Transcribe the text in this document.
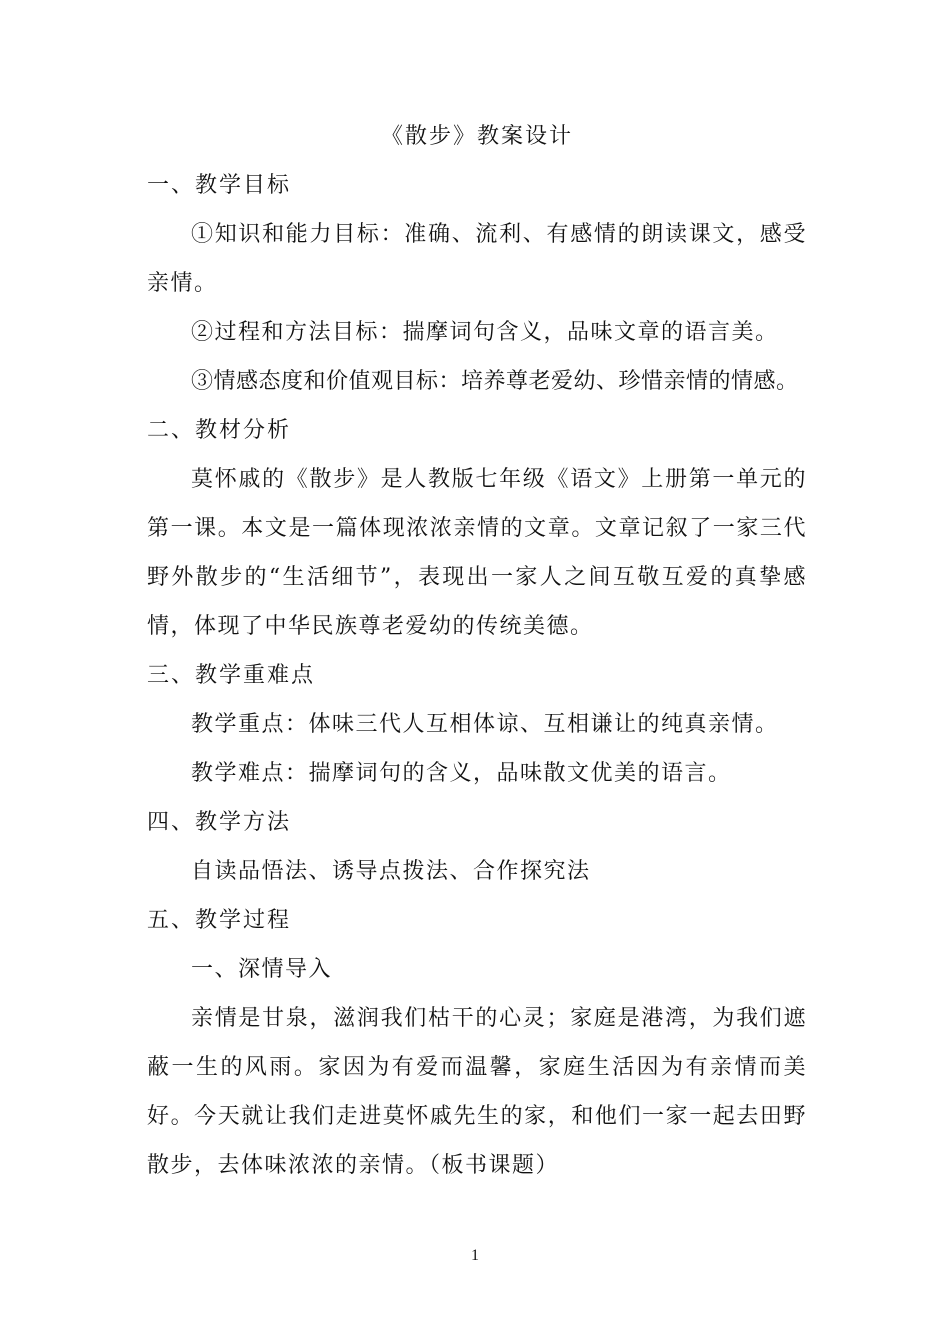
《散步》教案设计

一、教学目标

①知识和能力目标：准确、流利、有感情的朗读课文，感受亲情。

②过程和方法目标：揣摩词句含义，品味文章的语言美。

③情感态度和价值观目标：培养尊老爱幼、珍惜亲情的情感。

二、教材分析

莫怀戚的《散步》是人教版七年级《语文》上册第一单元的第一课。本文是一篇体现浓浓亲情的文章。文章记叙了一家三代野外散步的“生活细节”，表现出一家人之间互敬互爱的真挚感情，体现了中华民族尊老爱幼的传统美德。

三、教学重难点

教学重点：体味三代人互相体谅、互相谦让的纯真亲情。

教学难点：揣摩词句的含义，品味散文优美的语言。

四、教学方法

自读品悟法、诱导点拨法、合作探究法

五、教学过程

一、深情导入

亲情是甘泉，滋润我们枯干的心灵；家庭是港湾，为我们遮蔽一生的风雨。家因为有爱而温馨，家庭生活因为有亲情而美好。今天就让我们走进莫怀戚先生的家，和他们一家一起去田野散步，去体味浓浓的亲情。（板书课题）

1
